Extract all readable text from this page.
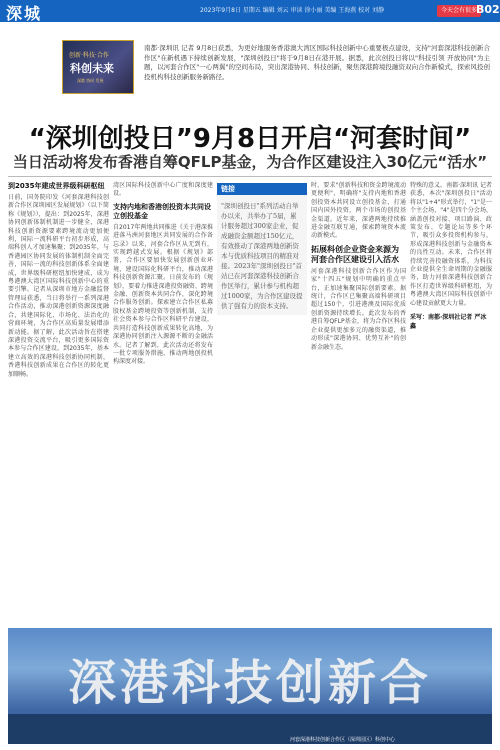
深城	2023年9月8日 星期五 编辑 刘云 审读 徐小丽 美编 王海燕 校对 刘静	今天会有很多
B02
创新·科技·合作
科创未来
深港 协同 发展

南都·深圳讯 记者 9月8日获悉，为更好地服务香港澳大湾区国际科技创新中心重要极点建设，支持"河套深港科技创新合作区"在新机遇下持续创新发展，"深圳创投日"将于9月8日在港开展。据悉，此次创投日将以"科技引领 开放协同"为主题，以河套合作区"一心两翼"的空间布局，突出深港协同、科技创新，聚焦深港跨境投融资双向合作新模式，探索风投创投机构科技创新服务新路径。

“深圳创投日”9月8日开启“河套时间”
当日活动将发布香港自筹QFLP基金，为合作区建设注入30亿元“活水”
到2035年建成世界级科研枢纽

日前，国务院印发《河套深港科技创新合作区深圳园区发展规划》（以下简称《规划》），提出：到2025年，深港协同创新体制机制进一步健全，深港科技创新资源要素跨境流动更加便利，国际一流科研平台初步形成，高端科创人才加速集聚；到2035年，与香港园区协同发展的体制机制全面完善，国际一流的科技创新体系全面建成，世界级科研枢纽加快建成，成为粤港澳大湾区国际科技创新中心的重要引擎。记者从深圳市地方金融监督管理局获悉，当日将举行一系列深港合作活动，推动深港创新资源深度融合，共建国际化、市场化、法治化的营商环境，为合作区高质量发展增添新动能。据了解，此次活动旨在搭建深港投资交流平台，吸引更多国际资本参与合作区建设。到2035年，基本建立高效的深港科技创新协同机制，香港科技创新成果在合作区的转化更加顺畅。

湾区国际科技创新中心广度和深度建设。

支持内地和香港创投资本共同设立创投基金

自2017年两地共同推进《关于港深推进落马洲河套地区共同发展的合作备忘录》以来，河套合作区从无到有，实现跨越式发展。根据《规划》部署，合作区要加快发展创新创业环境，建设国际化科研平台，推动深港科技创新资源汇聚。日前发布的《规划》，要着力推进深港投资融资、跨境金融、创新资本共同合作，深化跨境合作服务创新。探索建立合作区私募股权基金跨境投资等创新机制，支持社会资本参与合作区科研平台建设，共同打造科技创新成果转化高地，为深港协同创新注入源源不断的金融活水。记者了解到，此次活动还将发布一批专项服务措施，推动两地创投机构深度对接。

链接

"深圳创投日"系列活动自举办以来，共举办了5届，累计服务超过300家企业，促成融资金额超过150亿元，有效推动了深港两地创新资本与优质科技项目的精准对接。2023年"深圳创投日"首站已在河套深港科技创新合作区举行，累计参与机构超过1000家，为合作区建设提供了强有力的资本支持。

时，要求"创新科技和资金跨境流动更便利"，明确将"支持内地和香港创投资本共同设立创投基金，打通国内国外投资，两个市场的创投基金渠道。近年来，深港两地持续推进金融互联互通，探索跨境资本流动新模式。

拓展科创企业资金来源为河套合作区建设引入活水

河套深港科技创新合作区作为国家"十四五"规划中明确的重点平台，正加速集聚国际创新要素。据统计，合作区已集聚高端科研项目超过150个，引进港澳及国际优质创新资源持续增长。此次发布的香港自筹QFLP基金，将为合作区科技企业提供更加多元的融资渠道，推动形成"深港协同、优势互补"的创新金融生态。

特殊的意义。南都·深圳讯 记者获悉，本次"深圳创投日"活动将以"1+4"形式举行，"1"是一个主会场，"4"是四个分会场，涵盖创投对接、项目路演、政策发布、专题论坛等多个环节，吸引众多投资机构参与，形成深港科技创新与金融资本的良性互动。未来，合作区将持续完善投融资体系，为科技企业提供全生命周期的金融服务，助力河套深港科技创新合作区打造世界级科研枢纽，为粤港澳大湾区国际科技创新中心建设贡献更大力量。

采写：南都·深圳社记者 严冰鑫
深港科技创新合
河套深港科技创新合作区（深圳园区）科创中心
